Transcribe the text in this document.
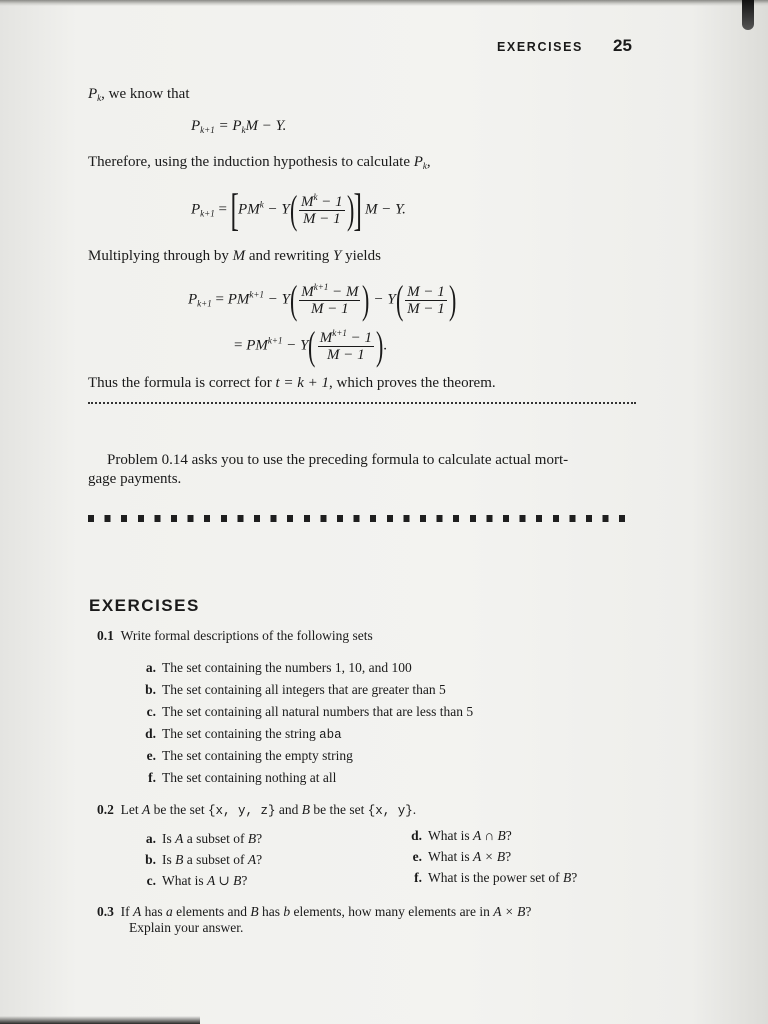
EXERCISES 25
$P_k$, we know that
$P_{k+1} = P_kM - Y$.
Therefore, using the induction hypothesis to calculate $P_k$,
$P_{k+1} = [PM^k - Y( \frac{M^k - 1}{M - 1}$ )] M − Y.
Multiplying through by M and rewriting Y yields
$P_{k+1} = PM^{k+1} - Y( \frac{M^{k+1} - M}{M - 1}$ ) − $Y( \frac{M - 1}{M - 1}$ )
= $PM^{k+1} - Y( \frac{M^{k+1} - 1}{M - 1}$ ).
Thus the formula is correct for t = k + 1, which proves the theorem.
Problem 0.14 asks you to use the preceding formula to calculate actual mort-
gage payments.
EXERCISES
0.1 Write formal descriptions of the following sets
a. The set containing the numbers 1, 10, and 100
b. The set containing all integers that are greater than 5
c. The set containing all natural numbers that are less than 5
d. The set containing the string aba
e. The set containing the empty string
f. The set containing nothing at all
0.2 Let A be the set {x, y, z} and B be the set {x, y}.
a. Is A a subset of B?
b. Is B a subset of A?
c. What is A ∪ B?
d. What is A ∩ B?
e. What is A × B?
f. What is the power set of B?
0.3 If A has a elements and B has b elements, how many elements are in A × B?
Explain your answer.
